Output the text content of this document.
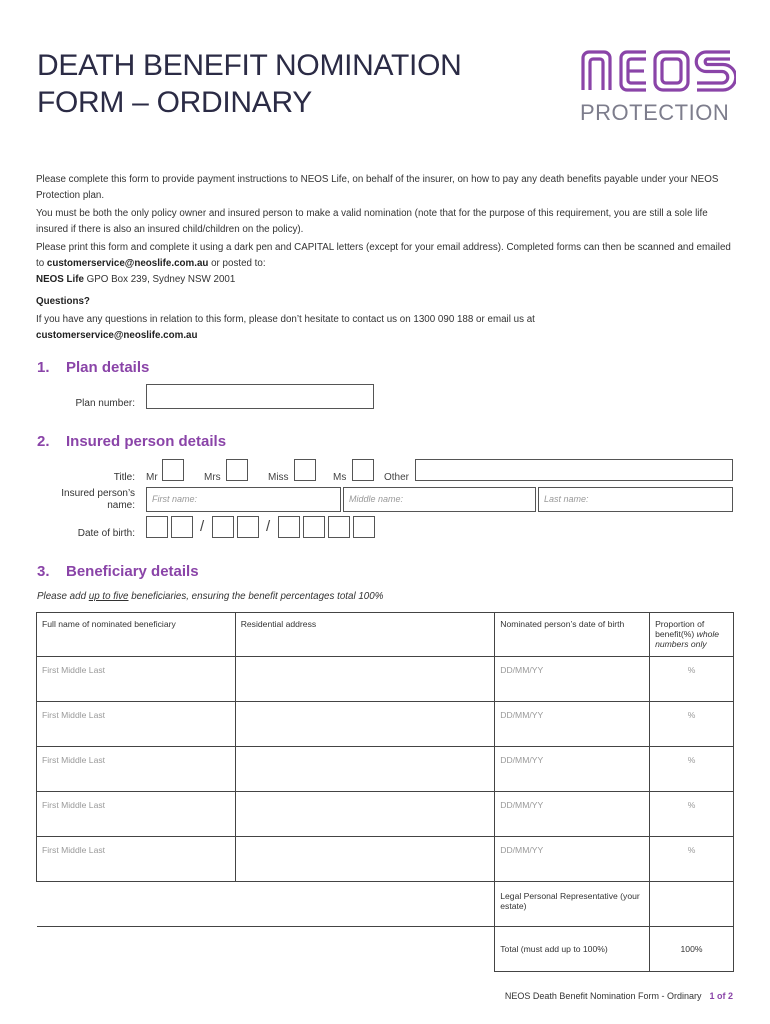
DEATH BENEFIT NOMINATION
FORM – ORDINARY	PROTECTION

Please complete this form to provide payment instructions to NEOS Life, on behalf of the insurer, on how to pay any death benefits payable under your NEOS Protection plan.

You must be both the only policy owner and insured person to make a valid nomination (note that for the purpose of this requirement, you are still a sole life insured if there is also an insured child/children on the policy).

Please print this form and complete it using a dark pen and CAPITAL letters (except for your email address). Completed forms can then be scanned and emailed to customerservice@neoslife.com.au or posted to:
NEOS Life GPO Box 239, Sydney NSW 2001

Questions?

If you have any questions in relation to this form, please don’t hesitate to contact us on 1300 090 188 or email us at
customerservice@neoslife.com.au

1. Plan details
Plan number:
2. Insured person details
Title: Mr	Mrs	Miss	Ms	Other
Insured person’s
name:
First name:	Middle name:	Last name:
Date of birth:	/	/
3. Beneficiary details
Please add up to five beneficiaries, ensuring the benefit percentages total 100%
Full name of nominated beneficiary	Residential address	Nominated person’s date of birth	Proportion of benefit(%) whole numbers only
First Middle Last		DD/MM/YY	%
First Middle Last		DD/MM/YY	%
First Middle Last		DD/MM/YY	%
First Middle Last		DD/MM/YY	%
First Middle Last		DD/MM/YY	%
		Legal Personal Representative (your estate)	
		Total (must add up to 100%)	100%
NEOS Death Benefit Nomination Form - Ordinary 1 of 2
